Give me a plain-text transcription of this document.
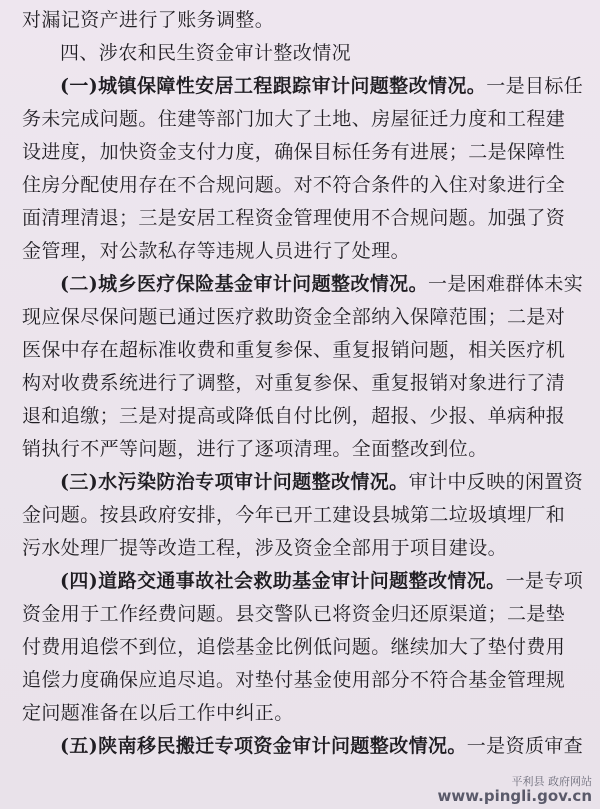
对漏记资产进行了账务调整。
四、涉农和民生资金审计整改情况
(一)城镇保障性安居工程跟踪审计问题整改情况。一是目标任
务未完成问题。住建等部门加大了土地、房屋征迁力度和工程建
设进度，加快资金支付力度，确保目标任务有进展；二是保障性
住房分配使用存在不合规问题。对不符合条件的入住对象进行全
面清理清退；三是安居工程资金管理使用不合规问题。加强了资
金管理，对公款私存等违规人员进行了处理。
(二)城乡医疗保险基金审计问题整改情况。一是困难群体未实
现应保尽保问题已通过医疗救助资金全部纳入保障范围；二是对
医保中存在超标准收费和重复参保、重复报销问题，相关医疗机
构对收费系统进行了调整，对重复参保、重复报销对象进行了清
退和追缴；三是对提高或降低自付比例，超报、少报、单病种报
销执行不严等问题，进行了逐项清理。全面整改到位。
(三)水污染防治专项审计问题整改情况。审计中反映的闲置资
金问题。按县政府安排，今年已开工建设县城第二垃圾填埋厂和
污水处理厂提等改造工程，涉及资金全部用于项目建设。
(四)道路交通事故社会救助基金审计问题整改情况。一是专项
资金用于工作经费问题。县交警队已将资金归还原渠道；二是垫
付费用追偿不到位，追偿基金比例低问题。继续加大了垫付费用
追偿力度确保应追尽追。对垫付基金使用部分不符合基金管理规
定问题准备在以后工作中纠正。
(五)陕南移民搬迁专项资金审计问题整改情况。一是资质审查
平利县 政府网站
www.pingli.gov.cn
